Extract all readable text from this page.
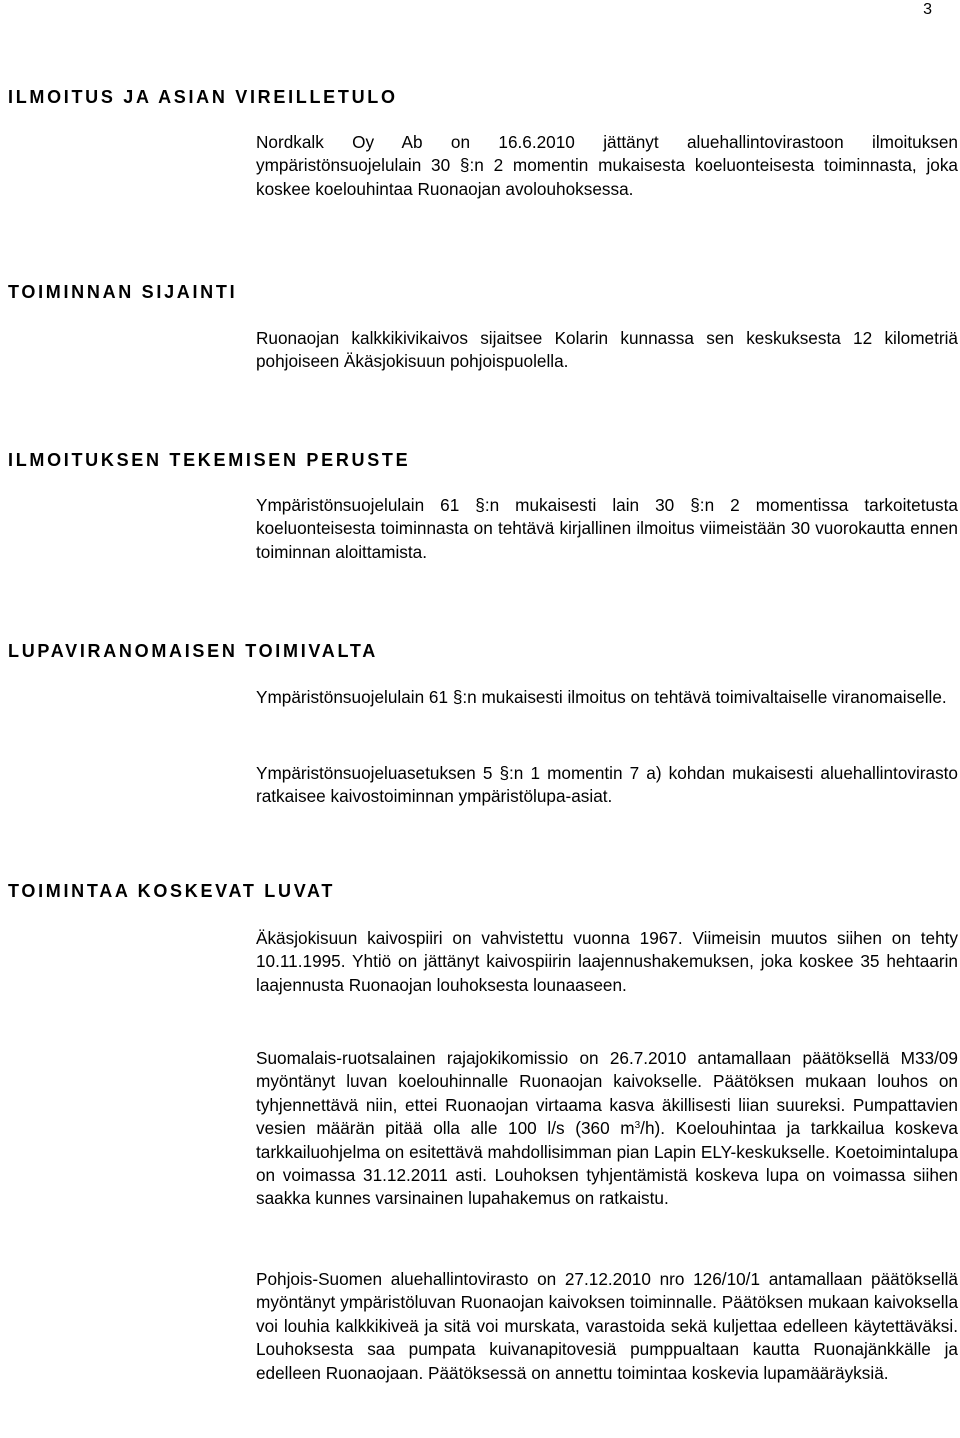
3
ILMOITUS JA ASIAN VIREILLETULO

Nordkalk Oy Ab on 16.6.2010 jättänyt aluehallintovirastoon ilmoituksen ympäristönsuojelulain 30 §:n 2 momentin mukaisesta koeluonteisesta toiminnasta, joka koskee koelouhintaa Ruonaojan avolouhoksessa.

TOIMINNAN SIJAINTI

Ruonaojan kalkkikivikaivos sijaitsee Kolarin kunnassa sen keskuksesta 12 kilometriä pohjoiseen Äkäsjokisuun pohjoispuolella.

ILMOITUKSEN TEKEMISEN PERUSTE

Ympäristönsuojelulain 61 §:n mukaisesti lain 30 §:n 2 momentissa tarkoitetusta koeluonteisesta toiminnasta on tehtävä kirjallinen ilmoitus viimeistään 30 vuorokautta ennen toiminnan aloittamista.

LUPAVIRANOMAISEN TOIMIVALTA

Ympäristönsuojelulain 61 §:n mukaisesti ilmoitus on tehtävä toimivaltaiselle viranomaiselle.

Ympäristönsuojeluasetuksen 5 §:n 1 momentin 7 a) kohdan mukaisesti aluehallintovirasto ratkaisee kaivostoiminnan ympäristölupa-asiat.

TOIMINTAA KOSKEVAT LUVAT

Äkäsjokisuun kaivospiiri on vahvistettu vuonna 1967. Viimeisin muutos siihen on tehty 10.11.1995. Yhtiö on jättänyt kaivospiirin laajennushakemuksen, joka koskee 35 hehtaarin laajennusta Ruonaojan louhoksesta lounaaseen.

Suomalais-ruotsalainen rajajokikomissio on 26.7.2010 antamallaan päätöksellä M33/09 myöntänyt luvan koelouhinnalle Ruonaojan kaivokselle. Päätöksen mukaan louhos on tyhjennettävä niin, ettei Ruonaojan virtaama kasva äkillisesti liian suureksi. Pumpattavien vesien määrän pitää olla alle 100 l/s (360 $m^3/h$). Koelouhintaa ja tarkkailua koskeva tarkkailuohjelma on esitettävä mahdollisimman pian Lapin ELY-keskukselle. Koetoimintalupa on voimassa 31.12.2011 asti. Louhoksen tyhjentämistä koskeva lupa on voimassa siihen saakka kunnes varsinainen lupahakemus on ratkaistu.

Pohjois-Suomen aluehallintovirasto on 27.12.2010 nro 126/10/1 antamallaan päätöksellä myöntänyt ympäristöluvan Ruonaojan kaivoksen toiminnalle. Päätöksen mukaan kaivoksella voi louhia kalkkikiveä ja sitä voi murskata, varastoida sekä kuljettaa edelleen käytettäväksi. Louhoksesta saa pumpata kuivanapitovesiä pumppualtaan kautta Ruonajänkkälle ja edelleen Ruonaojaan. Päätöksessä on annettu toimintaa koskevia lupamääräyksiä.
